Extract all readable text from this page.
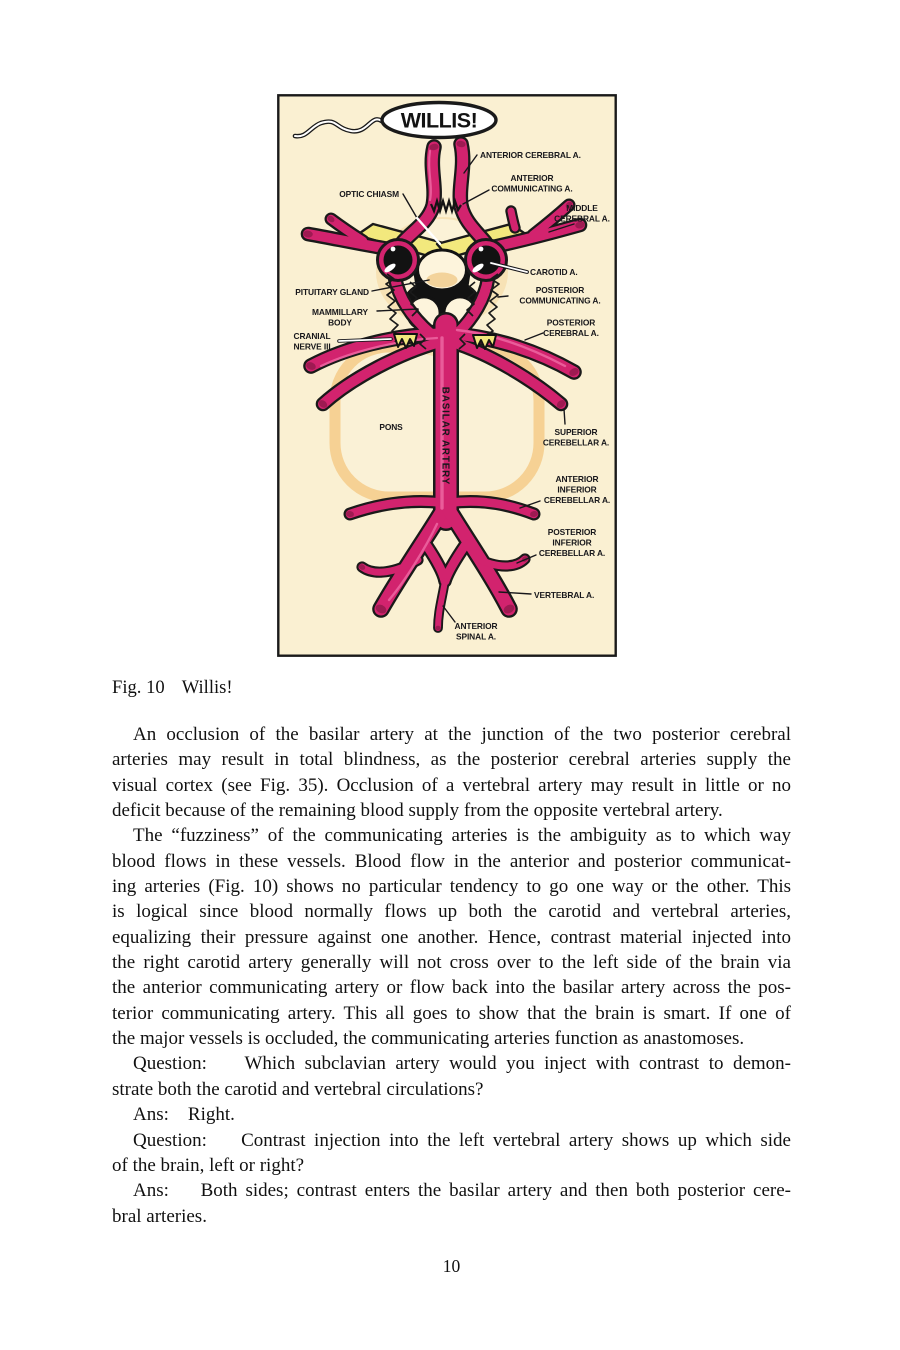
WILLIS!
BASILAR ARTERY
ANTERIOR CEREBRAL A.
ANTERIOR
COMMUNICATING A.
OPTIC CHIASM
MIDDLE
CEREBRAL A.
CAROTID A.
PITUITARY GLAND	POSTERIOR
COMMUNICATING A.
MAMMILLARY
BODY	POSTERIOR
CEREBRAL A.
CRANIAL
NERVE III
PONS	SUPERIOR
CEREBELLAR A.
ANTERIOR
INFERIOR
CEREBELLAR A.
POSTERIOR
INFERIOR
CEREBELLAR A.
VERTEBRAL A.
ANTERIOR
SPINAL A.
Fig. 10 Willis!
An occlusion of the basilar artery at the junction of the two posterior cerebral
arteries may result in total blindness, as the posterior cerebral arteries supply the
visual cortex (see Fig. 35). Occlusion of a vertebral artery may result in little or no
deficit because of the remaining blood supply from the opposite vertebral artery.
The “fuzziness” of the communicating arteries is the ambiguity as to which way
blood flows in these vessels. Blood flow in the anterior and posterior communicat-
ing arteries (Fig. 10) shows no particular tendency to go one way or the other. This
is logical since blood normally flows up both the carotid and vertebral arteries,
equalizing their pressure against one another. Hence, contrast material injected into
the right carotid artery generally will not cross over to the left side of the brain via
the anterior communicating artery or flow back into the basilar artery across the pos-
terior communicating artery. This all goes to show that the brain is smart. If one of
the major vessels is occluded, the communicating arteries function as anastomoses.
Question:    Which subclavian artery would you inject with contrast to demon-
strate both the carotid and vertebral circulations?
Ans:    Right.
Question:    Contrast injection into the left vertebral artery shows up which side
of the brain, left or right?
Ans:    Both sides; contrast enters the basilar artery and then both posterior cere-
bral arteries.
10
